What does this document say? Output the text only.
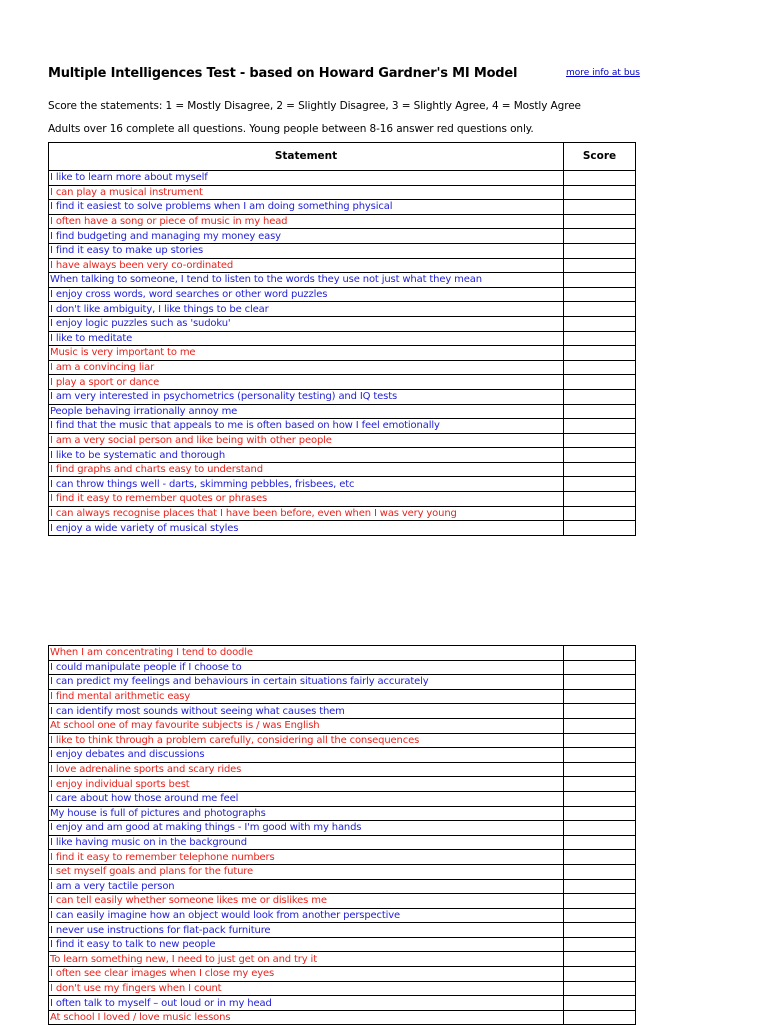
Multiple Intelligences Test - based on Howard Gardner's MI Model	more info at bus
Score the statements: 1 = Mostly Disagree, 2 = Slightly Disagree, 3 = Slightly Agree, 4 = Mostly Agree
Adults over 16 complete all questions. Young people between 8-16 answer red questions only.
Statement	Score
I like to learn more about myself	
I can play a musical instrument	
I find it easiest to solve problems when I am doing something physical	
I often have a song or piece of music in my head	
I find budgeting and managing my money easy	
I find it easy to make up stories	
I have always been very co-ordinated	
When talking to someone, I tend to listen to the words they use not just what they mean	
I enjoy cross words, word searches or other word puzzles	
I don't like ambiguity, I like things to be clear	
I enjoy logic puzzles such as 'sudoku'	
I like to meditate	
Music is very important to me	
I am a convincing liar	
I play a sport or dance	
I am very interested in psychometrics (personality testing) and IQ tests	
People behaving irrationally annoy me	
I find that the music that appeals to me is often based on how I feel emotionally	
I am a very social person and like being with other people	
I like to be systematic and thorough	
I find graphs and charts easy to understand	
I can throw things well - darts, skimming pebbles, frisbees, etc	
I find it easy to remember quotes or phrases	
I can always recognise places that I have been before, even when I was very young	
I enjoy a wide variety of musical styles	
When I am concentrating I tend to doodle	
I could manipulate people if I choose to	
I can predict my feelings and behaviours in certain situations fairly accurately	
I find mental arithmetic easy	
I can identify most sounds without seeing what causes them	
At school one of may favourite subjects is / was English	
I like to think through a problem carefully, considering all the consequences	
I enjoy debates and discussions	
I love adrenaline sports and scary rides	
I enjoy individual sports best	
I care about how those around me feel	
My house is full of pictures and photographs	
I enjoy and am good at making things - I'm good with my hands	
I like having music on in the background	
I find it easy to remember telephone numbers	
I set myself goals and plans for the future	
I am a very tactile person	
I can tell easily whether someone likes me or dislikes me	
I can easily imagine how an object would look from another perspective	
I never use instructions for flat-pack furniture	
I find it easy to talk to new people	
To learn something new, I need to just get on and try it	
I often see clear images when I close my eyes	
I don't use my fingers when I count	
I often talk to myself – out loud or in my head	
At school I loved / love music lessons	
